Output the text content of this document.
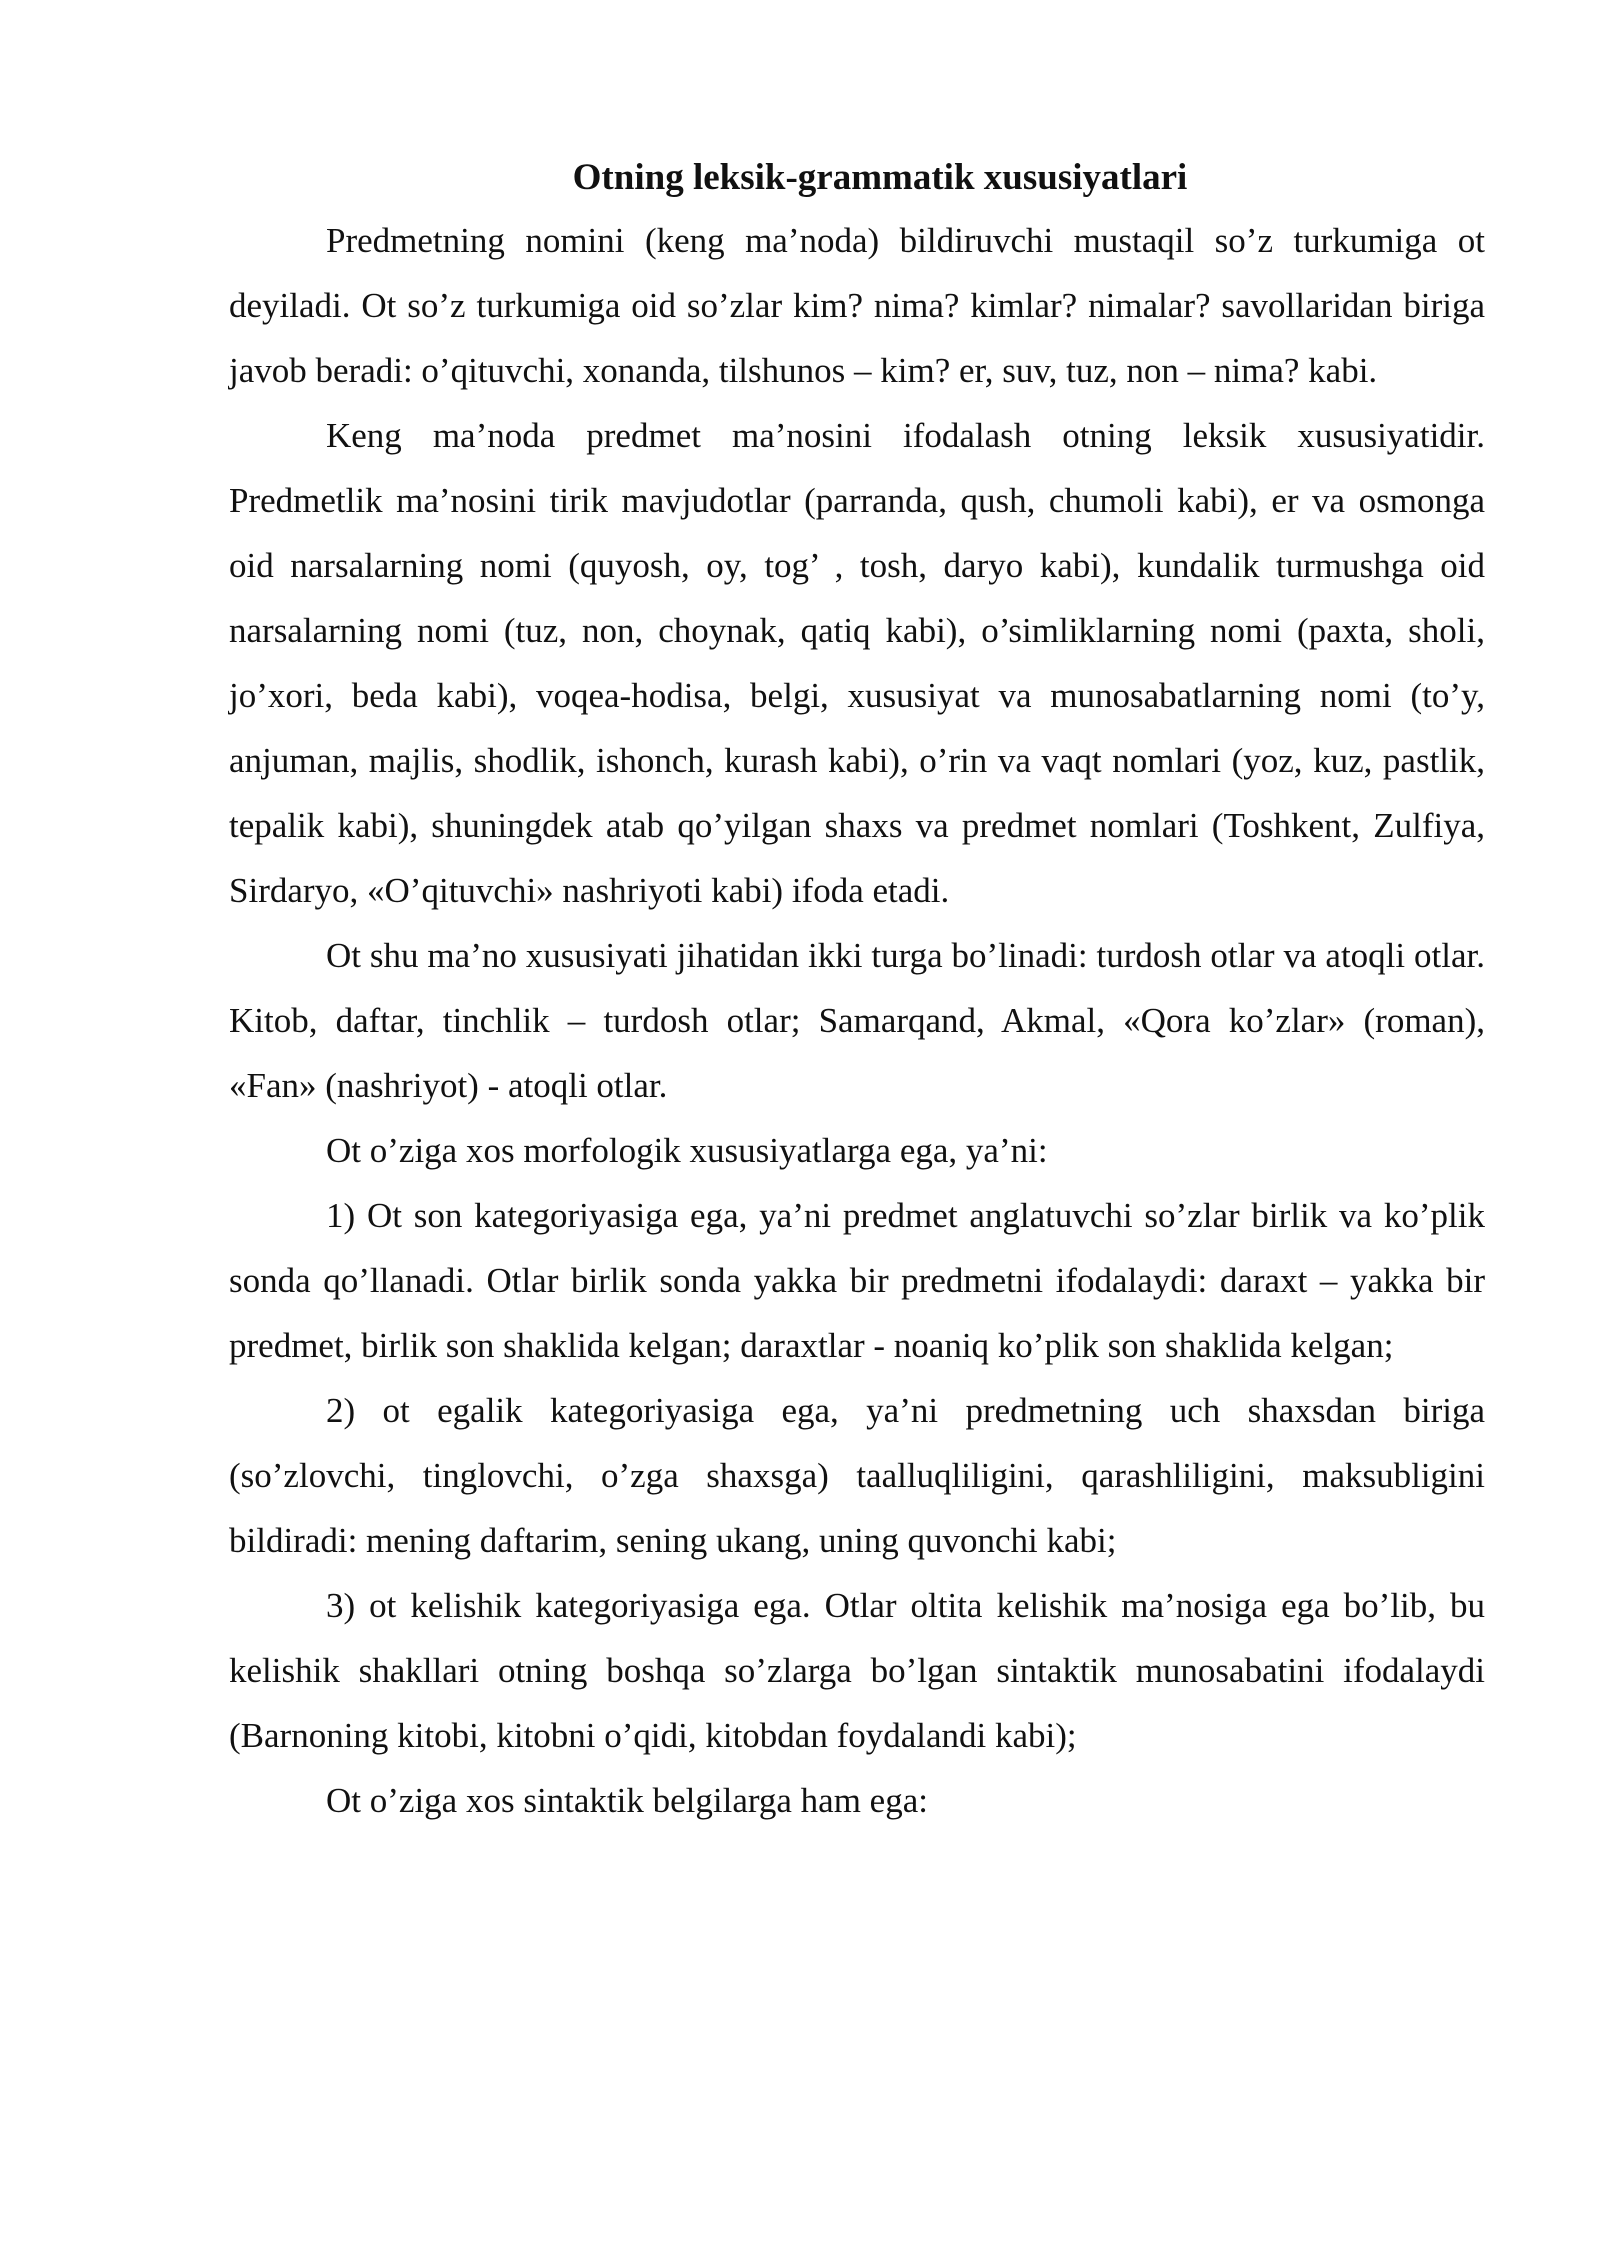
Otning leksik-grammatik xususiyatlari

Predmetning nomini (keng ma’noda) bildiruvchi mustaqil so’z turkumiga ot deyiladi. Ot so’z turkumiga oid so’zlar kim? nima? kimlar? nimalar? savollaridan biriga javob beradi: o’qituvchi, xonanda, tilshunos – kim? er, suv, tuz, non – nima? kabi.

Keng ma’noda predmet ma’nosini ifodalash otning leksik xususiyatidir. Predmetlik ma’nosini tirik mavjudotlar (parranda, qush, chumoli kabi), er va osmonga oid narsalarning nomi (quyosh, oy, tog’ , tosh, daryo kabi), kundalik turmushga oid narsalarning nomi (tuz, non, choynak, qatiq kabi), o’simliklarning nomi (paxta, sholi, jo’xori, beda kabi), voqea-hodisa, belgi, xususiyat va munosabatlarning nomi (to’y, anjuman, majlis, shodlik, ishonch, kurash kabi), o’rin va vaqt nomlari (yoz, kuz, pastlik, tepalik kabi), shuningdek atab qo’yilgan shaxs va predmet nomlari (Toshkent, Zulfiya, Sirdaryo, «O’qituvchi» nashriyoti kabi) ifoda etadi.

Ot shu ma’no xususiyati jihatidan ikki turga bo’linadi: turdosh otlar va atoqli otlar. Kitob, daftar, tinchlik – turdosh otlar; Samarqand, Akmal, «Qora ko’zlar» (roman), «Fan» (nashriyot) - atoqli otlar.

Ot o’ziga xos morfologik xususiyatlarga ega, ya’ni:

1) Ot son kategoriyasiga ega, ya’ni predmet anglatuvchi so’zlar birlik va ko’plik sonda qo’llanadi. Otlar birlik sonda yakka bir predmetni ifodalaydi: daraxt – yakka bir predmet, birlik son shaklida kelgan; daraxtlar - noaniq ko’plik son shaklida kelgan;

2) ot egalik kategoriyasiga ega, ya’ni predmetning uch shaxsdan biriga (so’zlovchi, tinglovchi, o’zga shaxsga) taalluqliligini, qarashliligini, maksubligini bildiradi: mening daftarim, sening ukang, uning quvonchi kabi;

3) ot kelishik kategoriyasiga ega. Otlar oltita kelishik ma’nosiga ega bo’lib, bu kelishik shakllari otning boshqa so’zlarga bo’lgan sintaktik munosabatini ifodalaydi (Barnoning kitobi, kitobni o’qidi, kitobdan foydalandi kabi);

Ot o’ziga xos sintaktik belgilarga ham ega:
